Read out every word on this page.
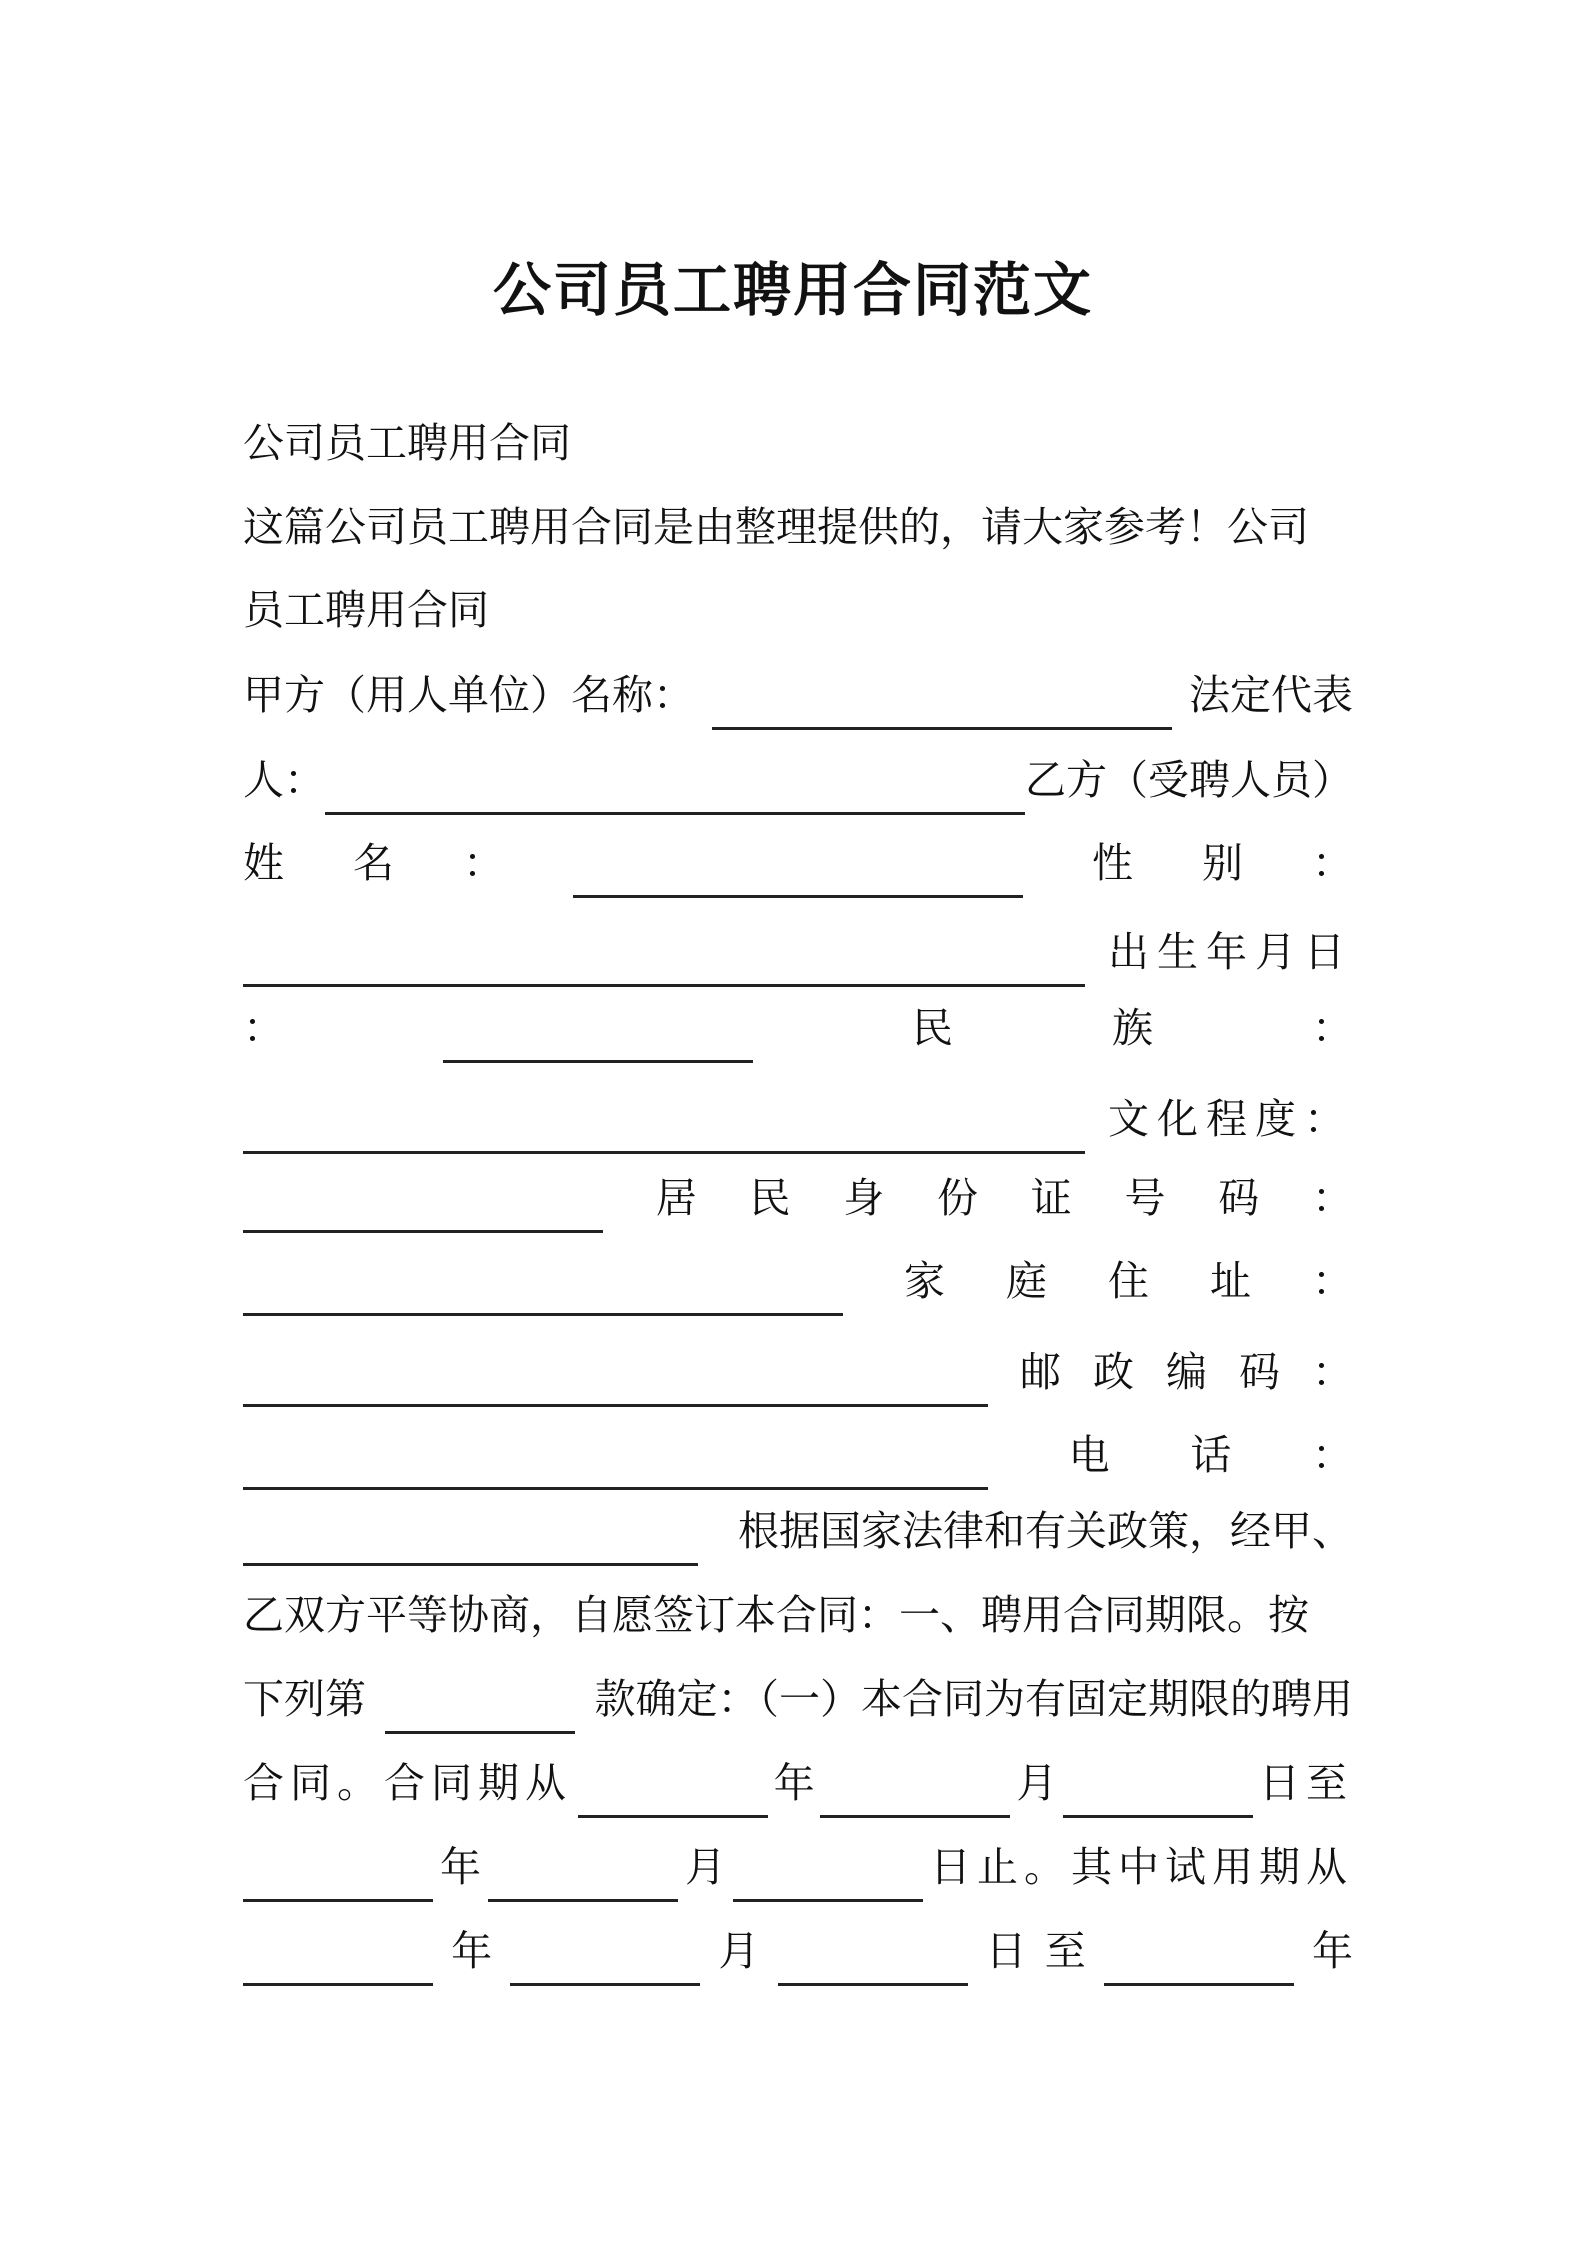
公司员工聘用合同范文
公司员工聘用合同
这篇公司员工聘用合同是由整理提供的，请大家参考！公司
员工聘用合同
甲方（用人单位）名称：	法定代表
人：	乙方（受聘人员）
姓 名 ：	性 别 ：
出生年月日
：	民	族	：
文化程度：
居 民 身 份 证 号 码 ：
家 庭 住 址 ：
邮 政 编 码 ：
电 话 ：
根据国家法律和有关政策，经甲、
乙双方平等协商，自愿签订本合同：一、聘用合同期限。按
下列第	款确定：（一）本合同为有固定期限的聘用
合同。合同期从	年	月	日至
年	月	日止。其中试用期从
年	月	日 至	年
